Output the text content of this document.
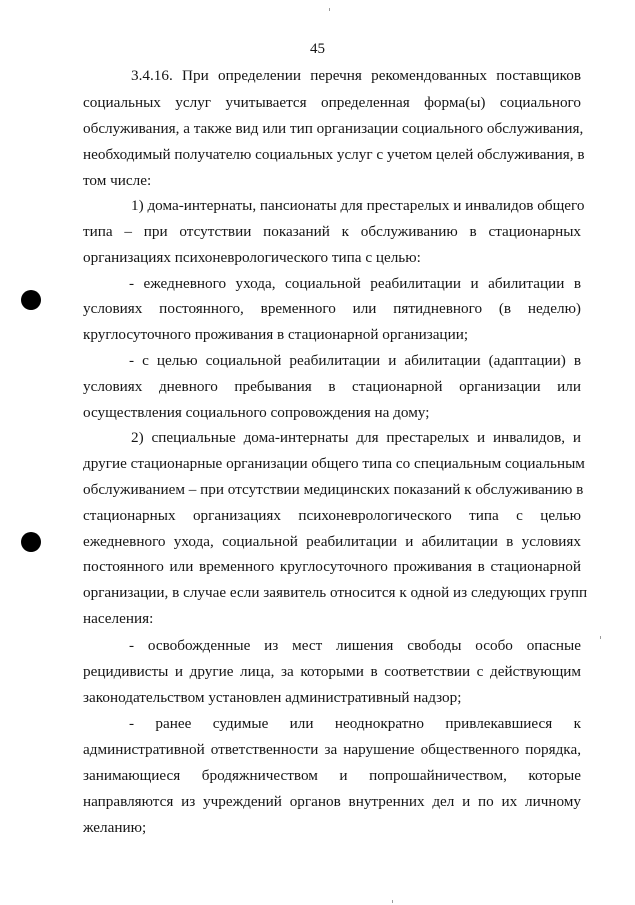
45
3.4.16. При определении перечня рекомендованных поставщиков
социальных услуг учитывается определенная форма(ы) социального
обслуживания, а также вид или тип организации социального обслуживания,
необходимый получателю социальных услуг с учетом целей обслуживания, в
том числе:
1) дома-интернаты, пансионаты для престарелых и инвалидов общего
типа – при отсутствии показаний к обслуживанию в стационарных
организациях психоневрологического типа с целью:
- ежедневного ухода, социальной реабилитации и абилитации в
условиях постоянного, временного или пятидневного (в неделю)
круглосуточного проживания в стационарной организации;
- с целью социальной реабилитации и абилитации (адаптации) в
условиях дневного пребывания в стационарной организации или
осуществления социального сопровождения на дому;
2) специальные дома-интернаты для престарелых и инвалидов, и
другие стационарные организации общего типа со специальным социальным
обслуживанием – при отсутствии медицинских показаний к обслуживанию в
стационарных организациях психоневрологического типа с целью
ежедневного ухода, социальной реабилитации и абилитации в условиях
постоянного или временного круглосуточного проживания в стационарной
организации, в случае если заявитель относится к одной из следующих групп
населения:
- освобожденные из мест лишения свободы особо опасные
рецидивисты и другие лица, за которыми в соответствии с действующим
законодательством установлен административный надзор;
- ранее судимые или неоднократно привлекавшиеся к
административной ответственности за нарушение общественного порядка,
занимающиеся бродяжничеством и попрошайничеством, которые
направляются из учреждений органов внутренних дел и по их личному
желанию;
